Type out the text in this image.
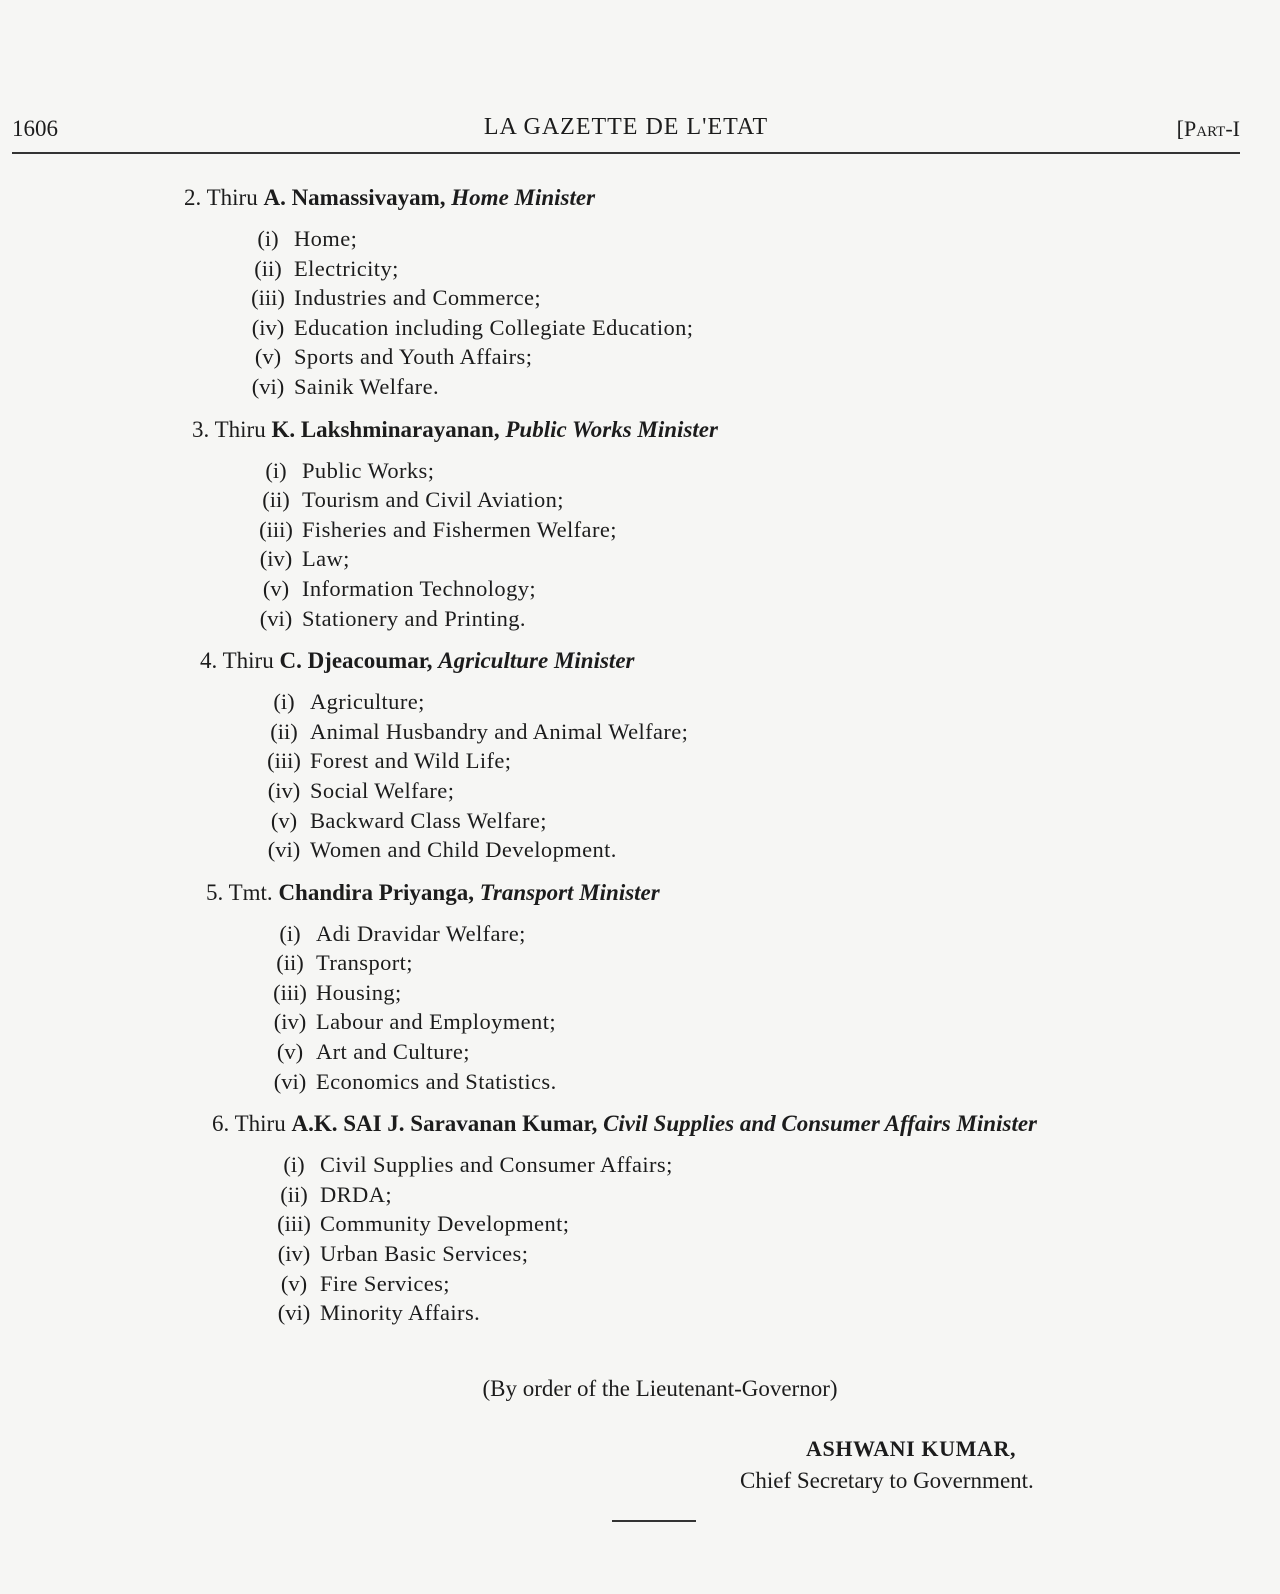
1606	LA GAZETTE DE L'ETAT	[Part-I
2. Thiru A. Namassivayam, Home Minister
(i) Home;
(ii) Electricity;
(iii) Industries and Commerce;
(iv) Education including Collegiate Education;
(v) Sports and Youth Affairs;
(vi) Sainik Welfare.
3. Thiru K. Lakshminarayanan, Public Works Minister
(i) Public Works;
(ii) Tourism and Civil Aviation;
(iii) Fisheries and Fishermen Welfare;
(iv) Law;
(v) Information Technology;
(vi) Stationery and Printing.
4. Thiru C. Djeacoumar, Agriculture Minister
(i) Agriculture;
(ii) Animal Husbandry and Animal Welfare;
(iii) Forest and Wild Life;
(iv) Social Welfare;
(v) Backward Class Welfare;
(vi) Women and Child Development.
5. Tmt. Chandira Priyanga, Transport Minister
(i) Adi Dravidar Welfare;
(ii) Transport;
(iii) Housing;
(iv) Labour and Employment;
(v) Art and Culture;
(vi) Economics and Statistics.
6. Thiru A.K. SAI J. Saravanan Kumar, Civil Supplies and Consumer Affairs Minister
(i) Civil Supplies and Consumer Affairs;
(ii) DRDA;
(iii) Community Development;
(iv) Urban Basic Services;
(v) Fire Services;
(vi) Minority Affairs.
(By order of the Lieutenant-Governor)
ASHWANI KUMAR,
Chief Secretary to Government.
